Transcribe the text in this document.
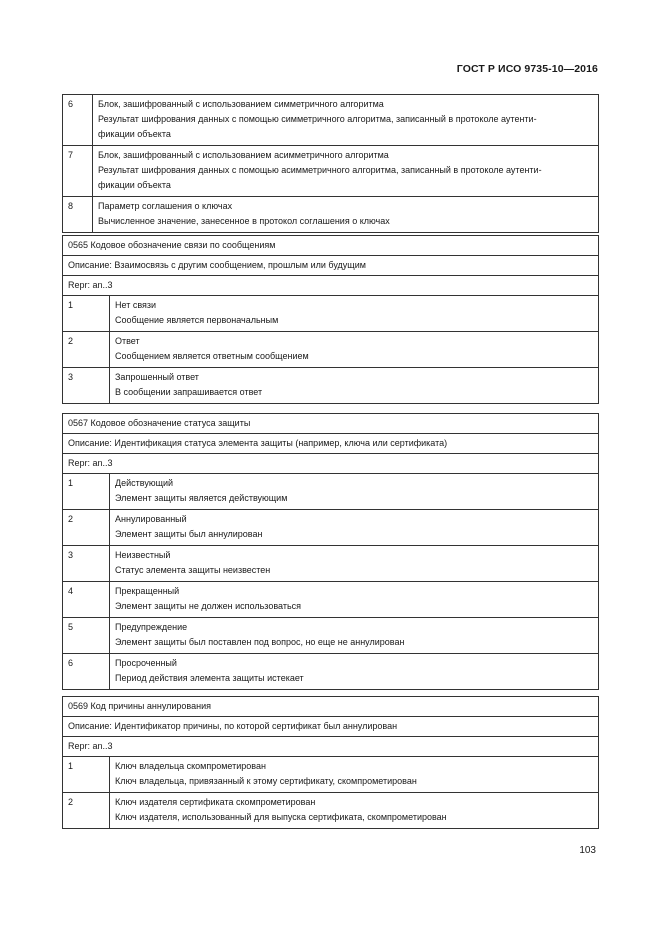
ГОСТ Р ИСО 9735-10—2016
6	Блок, зашифрованный с использованием симметричного алгоритма
Результат шифрования данных с помощью симметричного алгоритма, записанный в протоколе аутенти-
фикации объекта

7	Блок, зашифрованный с использованием асимметричного алгоритма
Результат шифрования данных с помощью асимметричного алгоритма, записанный в протоколе аутенти-
фикации объекта

8	Параметр соглашения о ключах
Вычисленное значение, занесенное в протокол соглашения о ключах
0565 Кодовое обозначение связи по сообщениям	
Описание: Взаимосвязь с другим сообщением, прошлым или будущим	
Repr: an..3	
1	Нет связи
Сообщение является первоначальным

2	Ответ
Сообщением является ответным сообщением

3	Запрошенный ответ
В сообщении запрашивается ответ
0567 Кодовое обозначение статуса защиты	
Описание: Идентификация статуса элемента защиты (например, ключа или сертификата)	
Repr: an..3	
1	Действующий
Элемент защиты является действующим

2	Аннулированный
Элемент защиты был аннулирован

3	Неизвестный
Статус элемента защиты неизвестен

4	Прекращенный
Элемент защиты не должен использоваться

5	Предупреждение
Элемент защиты был поставлен под вопрос, но еще не аннулирован

6	Просроченный
Период действия элемента защиты истекает
0569 Код причины аннулирования	
Описание: Идентификатор причины, по которой сертификат был аннулирован	
Repr: an..3	
1	Ключ владельца скомпрометирован
Ключ владельца, привязанный к этому сертификату, скомпрометирован

2	Ключ издателя сертификата скомпрометирован
Ключ издателя, использованный для выпуска сертификата, скомпрометирован
103
